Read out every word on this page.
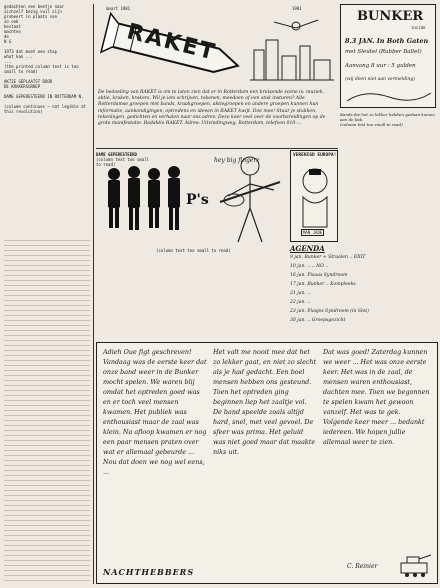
gedachten een beetje naar
zichzelf bezig vuil zijn
probeert in plaats van
zo ook
bestaat
machten
de
N G

1973 dat moet een stap
what kan ...
...
(the printed column text is too small to read)

AKTIE GEPLAATST DOOR
DE KRAKERSGROEP

DAME GEPERESTEERD IN ROTTERDAM N.

(column continues — not legible at this resolution)
maart 1981	1981
RAKET
BUNKER
inside
8.3 JAN. In Both Gaten
met Sleutel (Rubber Ballet)
Aanvang 8 uur : 5 gulden
(wij doen niet aan vermelding)
De bedoeling van RAKET is om te laten zien dat er in Rotterdam een bruisende scene is: muziek, aktie, kraken, krakers. Wil je iets schrijven, tekenen, meedoen of een stuk insturen? Alle Rotterdamse groepen met bands, kraakgroepen, aktiegroepen en andere groepen kunnen hun informatie, aankondigingen, optredens en ideeen in RAKET kwijt. Doe mee! Stuur je stukken, tekeningen, gedichten en verhalen naar ons adres. Deze keer veel over de voorbereidingen op de grote manifestatie. Redaktie RAKET. Adres: Uitvindingweg, Rotterdam, telefoon 010-...
Bands die het zo lekker hebben gedaan komen aan de bak.
(column text too small to read)
DAME GEPERESTEERD
(column text too small to read)
P's
hey big fingerz
(column text too small to read)
VERENIGD EUROPA!
MAN JADE
AGENDA
9 jan. Bunker + Straalen .. EXIT
10 jan. .. .. NO ..
16 jan. Pisuas Syndroom
17 jan. Bunker .. Kompleeks
21 jan. ..
22 jan. ..
23 jan. Flasjes Syndroom (in Slot)
30 jan. .. Groepsgezicht
Adieh Oue figt geschreven! Vandaag was de eerste keer dat onze band weer in de Bunker mocht spelen. We waren blij omdat het optreden goed was en er toch veel mensen kwamen. Het publiek was enthousiast maar de zaal was klein. Na afloop kwamen er nog een paar mensen praten over wat er allemaal gebeurde ... Nou dat doen we nog wel eens, ...
Het valt me nooit mee dat het zo lekker gaat, en niet zo slecht als je had gedacht. Een boel mensen hebben ons gesteund. Toen het optreden ging beginnen liep het zaaltje vol. De band speelde zoals altijd hard, snel, met veel gevoel. De sfeer was prima. Het geluid was niet goed maar dat maakte niks uit.
Dat was goed! Zaterdag kunnen we weer ... Het was onze eerste keer. Het was in de zaal, de mensen waren enthousiast, dachten mee. Toen we begonnen te spelen kwam het gewoon vanzelf. Het was te gek. Volgende keer meer ... bedankt iedereen. We hopen jullie allemaal weer te zien.
NACHTHEBBERS
C. Reinier
